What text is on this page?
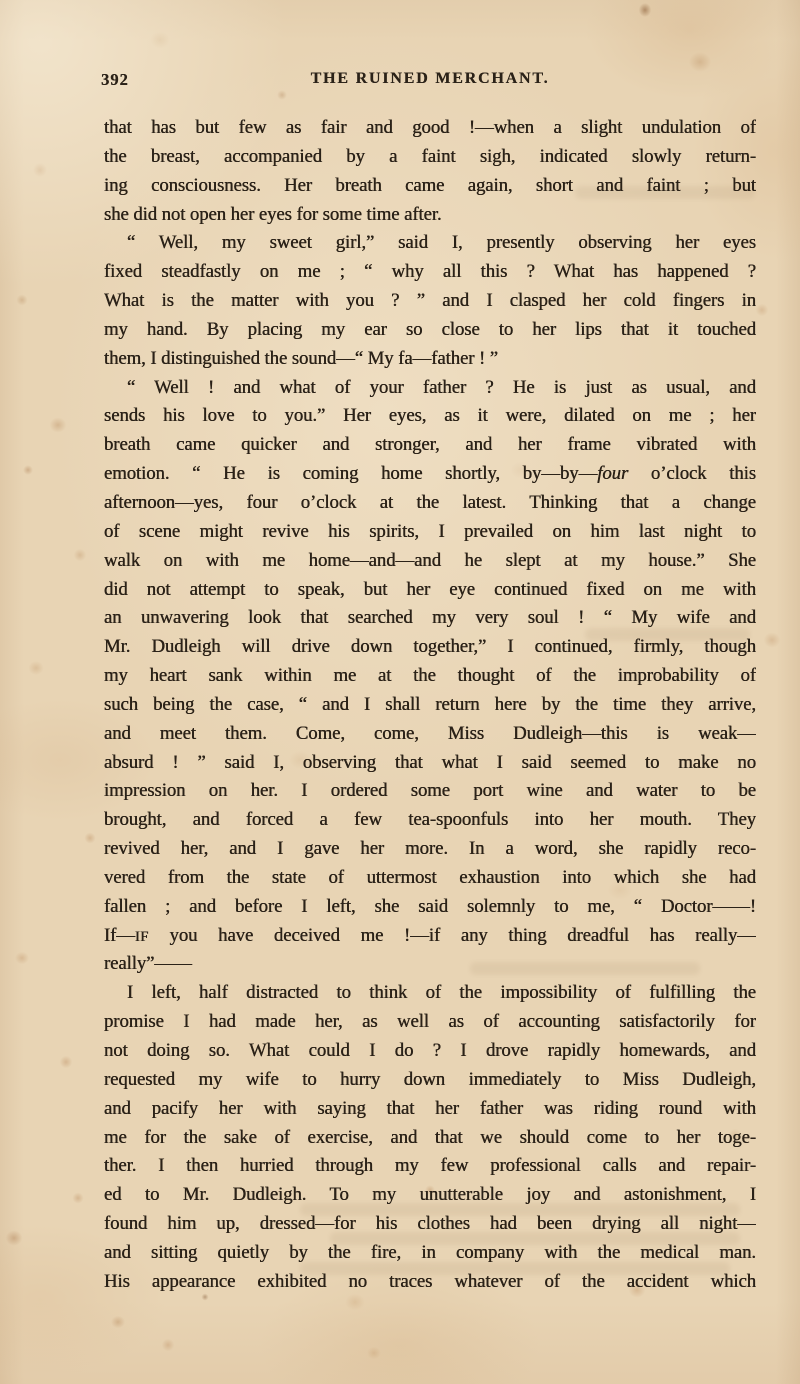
392	THE RUINED MERCHANT.
that has but few as fair and good !—when a slight undulation of
the breast, accompanied by a faint sigh, indicated slowly return-
ing consciousness. Her breath came again, short and faint ; but
she did not open her eyes for some time after.
“ Well, my sweet girl,” said I, presently observing her eyes
fixed steadfastly on me ; “ why all this ? What has happened ?
What is the matter with you ? ” and I clasped her cold fingers in
my hand. By placing my ear so close to her lips that it touched
them, I distinguished the sound—“ My fa—father ! ”
“ Well ! and what of your father ? He is just as usual, and
sends his love to you.” Her eyes, as it were, dilated on me ; her
breath came quicker and stronger, and her frame vibrated with
emotion. “ He is coming home shortly, by—by—four o’clock this
afternoon—yes, four o’clock at the latest. Thinking that a change
of scene might revive his spirits, I prevailed on him last night to
walk on with me home—and—and he slept at my house.” She
did not attempt to speak, but her eye continued fixed on me with
an unwavering look that searched my very soul ! “ My wife and
Mr. Dudleigh will drive down together,” I continued, firmly, though
my heart sank within me at the thought of the improbability of
such being the case, “ and I shall return here by the time they arrive,
and meet them. Come, come, Miss Dudleigh—this is weak—
absurd ! ” said I, observing that what I said seemed to make no
impression on her. I ordered some port wine and water to be
brought, and forced a few tea-spoonfuls into her mouth. They
revived her, and I gave her more. In a word, she rapidly reco-
vered from the state of uttermost exhaustion into which she had
fallen ; and before I left, she said solemnly to me, “ Doctor——!
If—IF you have deceived me !—if any thing dreadful has really—
really”——
I left, half distracted to think of the impossibility of fulfilling the
promise I had made her, as well as of accounting satisfactorily for
not doing so. What could I do ? I drove rapidly homewards, and
requested my wife to hurry down immediately to Miss Dudleigh,
and pacify her with saying that her father was riding round with
me for the sake of exercise, and that we should come to her toge-
ther. I then hurried through my few professional calls and repair-
ed to Mr. Dudleigh. To my unutterable joy and astonishment, I
found him up, dressed—for his clothes had been drying all night—
and sitting quietly by the fire, in company with the medical man.
His appearance exhibited no traces whatever of the accident which
